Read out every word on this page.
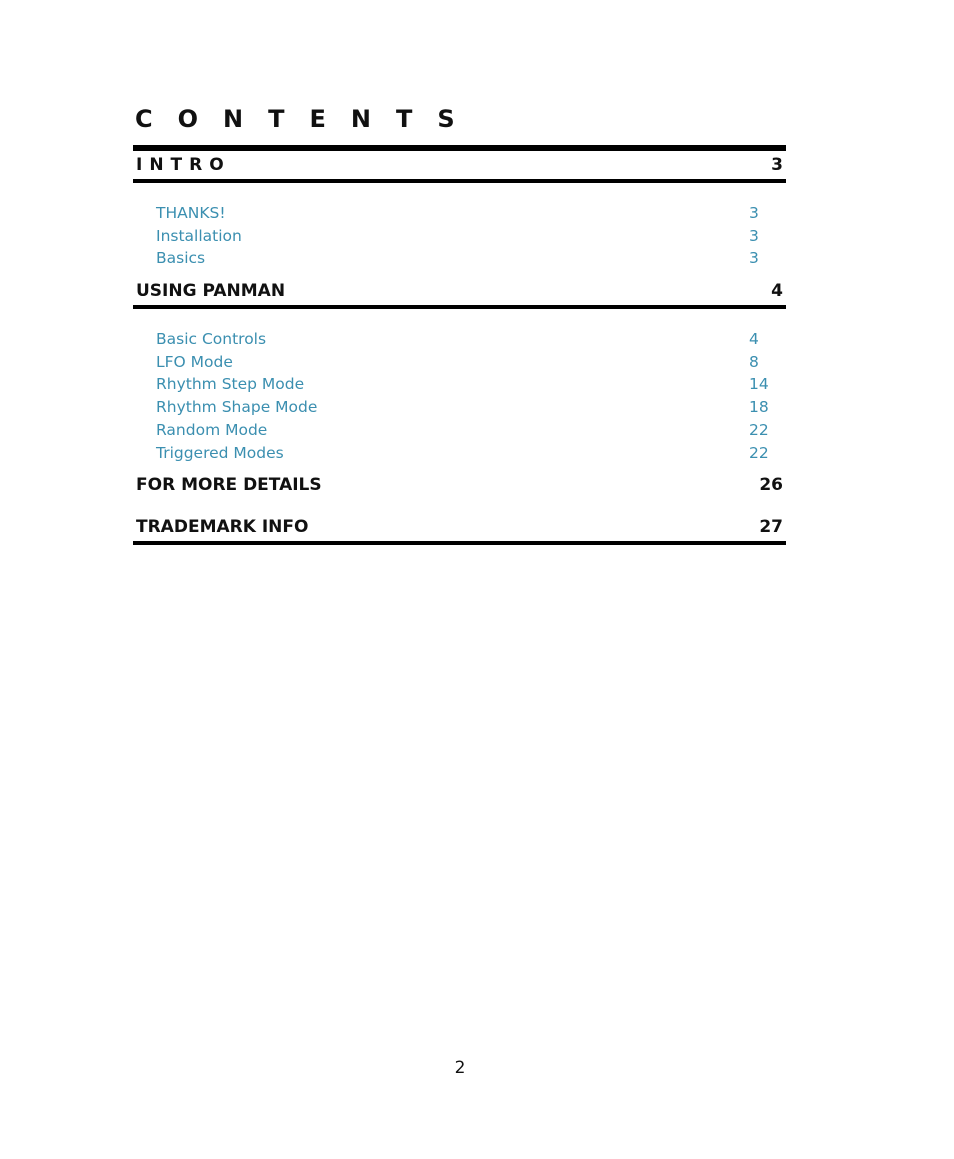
CONTENTS
INTRO	3
THANKS!	3
Installation	3
Basics	3
USING PANMAN	4
Basic Controls	4
LFO Mode	8
Rhythm Step Mode	14
Rhythm Shape Mode	18
Random Mode	22
Triggered Modes	22
FOR MORE DETAILS	26
TRADEMARK INFO	27
2
